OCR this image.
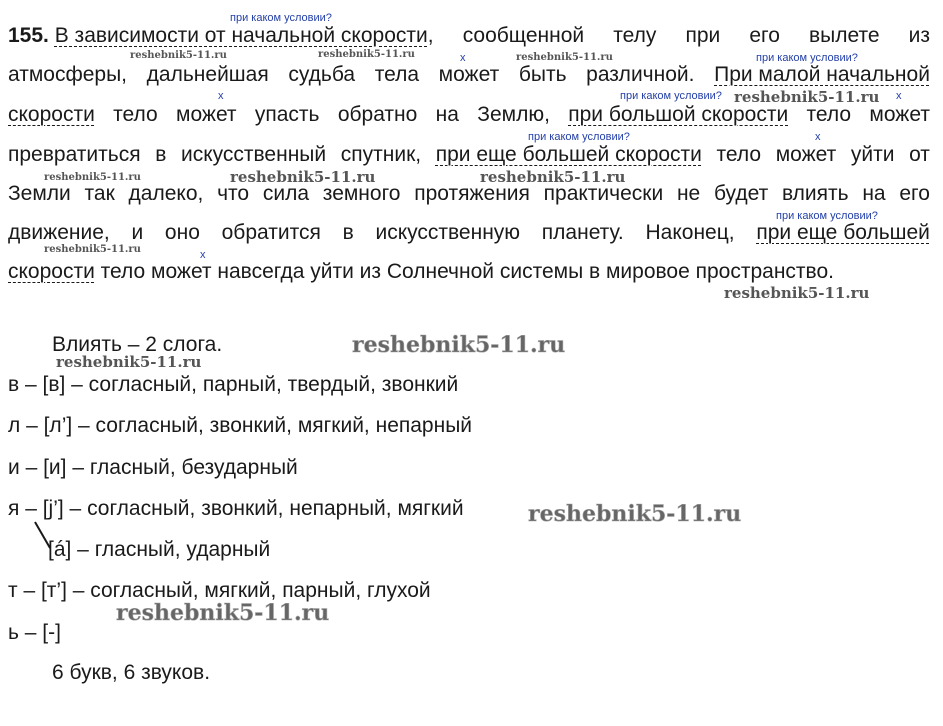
155. В зависимости от начальной скорости, сообщенной телу при его вылете из
атмосферы, дальнейшая судьба тела может быть различной. При малой начальной
скорости тело может упасть обратно на Землю, при большой скорости тело может
превратиться в искусственный спутник, при еще большей скорости тело может уйти от
Земли так далеко, что сила земного протяжения практически не будет влиять на его
движение, и оно обратится в искусственную планету. Наконец, при еще большей
скорости тело может навсегда уйти из Солнечной системы в мировое пространство.
при каком условии?
х	при каком условии?
х	при каком условии?	х
при каком условии?	х
при каком условии?
х
Влиять – 2 слога.
в – [в] – согласный, парный, твердый, звонкий
л – [л’] – согласный, звонкий, мягкий, непарный
и – [и] – гласный, безударный
я – [j’] – согласный, звонкий, непарный, мягкий
[á] – гласный, ударный
т – [т’] – согласный, мягкий, парный, глухой
ь – [-]
6 букв, 6 звуков.
reshebnik5-11.ru	reshebnik5-11.ru	reshebnik5-11.ru
reshebnik5-11.ru
reshebnik5-11.ru	reshebnik5-11.ru	reshebnik5-11.ru
reshebnik5-11.ru
reshebnik5-11.ru
reshebnik5-11.ru
reshebnik5-11.ru
reshebnik5-11.ru
reshebnik5-11.ru
